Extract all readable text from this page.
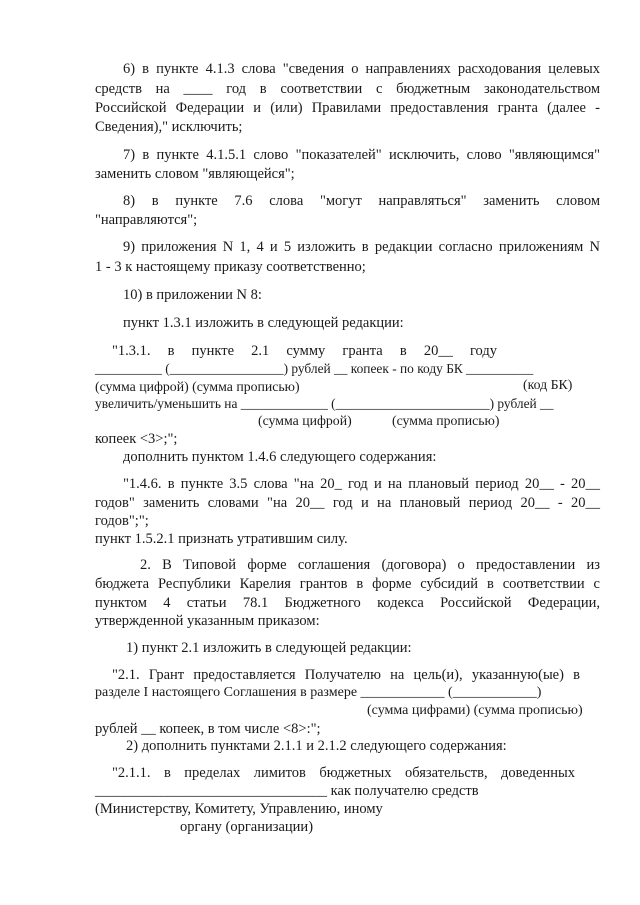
6) в пункте 4.1.3 слова "сведения о направлениях расходования целевых
средств на ____ год в соответствии с бюджетным законодательством
Российской Федерации и (или) Правилами предоставления гранта (далее -
Сведения)," исключить;
7) в пункте 4.1.5.1 слово "показателей" исключить, слово "являющимся"
заменить словом "являющейся";
8) в пункте 7.6 слова "могут направляться" заменить словом
"направляются";
9) приложения N 1, 4 и 5 изложить в редакции согласно приложениям N
1 - 3 к настоящему приказу соответственно;
10) в приложении N 8:
пункт 1.3.1 изложить в следующей редакции:
"1.3.1. в пункте 2.1 сумму гранта в 20__ году
__________ (_________________) рублей __ копеек - по коду БК __________
(сумма цифрой) (сумма прописью)	(код БК)
увеличить/уменьшить на _____________ (_______________________) рублей __
(сумма цифрой)	(сумма прописью)
копеек <3>;";
дополнить пунктом 1.4.6 следующего содержания:
"1.4.6. в пункте 3.5 слова "на 20_ год и на плановый период 20__ - 20__
годов" заменить словами "на 20__ год и на плановый период 20__ - 20__
годов";";
пункт 1.5.2.1 признать утратившим силу.
2. В Типовой форме соглашения (договора) о предоставлении из
бюджета Республики Карелия грантов в форме субсидий в соответствии с
пунктом 4 статьи 78.1 Бюджетного кодекса Российской Федерации,
утвержденной указанным приказом:
1) пункт 2.1 изложить в следующей редакции:
"2.1. Грант предоставляется Получателю на цель(и), указанную(ые) в
разделе I настоящего Соглашения в размере ____________ (____________)
(сумма цифрами) (сумма прописью)
рублей __ копеек, в том числе <8>:";
2) дополнить пунктами 2.1.1 и 2.1.2 следующего содержания:
"2.1.1. в пределах лимитов бюджетных обязательств, доведенных
________________________________ как получателю средств
(Министерству, Комитету, Управлению, иному
органу (организации)
